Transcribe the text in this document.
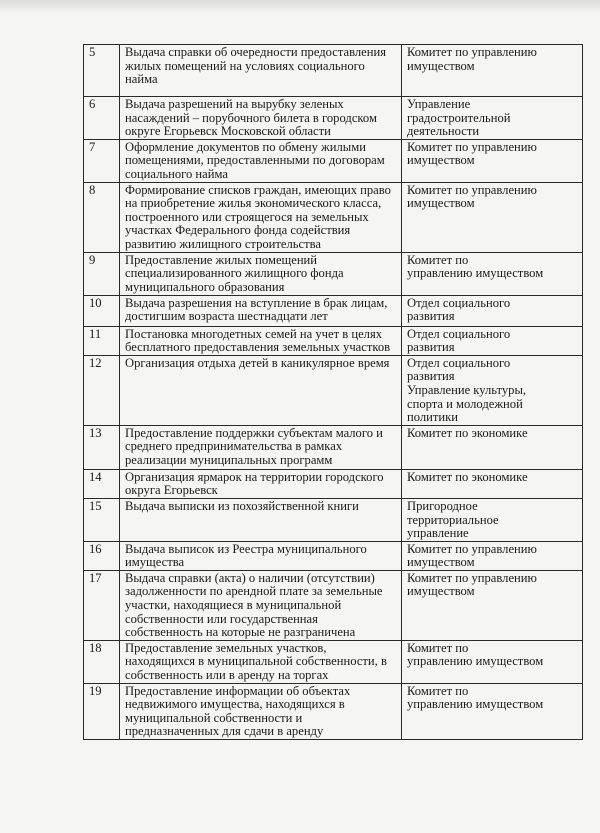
5	Выдача справки об очередности предоставления
жилых помещений на условиях социального
найма	Комитет по управлению
имуществом

6	Выдача разрешений на вырубку зеленых
насаждений – порубочного билета в городском
округе Егорьевск Московской области	Управление
градостроительной
деятельности

7	Оформление документов по обмену жилыми
помещениями, предоставленными по договорам
социального найма	Комитет по управлению
имуществом

8	Формирование списков граждан, имеющих право
на приобретение жилья экономического класса,
построенного или строящегося на земельных
участках Федерального фонда содействия
развитию жилищного строительства	Комитет по управлению
имуществом

9	Предоставление жилых помещений
специализированного жилищного фонда
муниципального образования	Комитет по
управлению имуществом

10	Выдача разрешения на вступление в брак лицам,
достигшим возраста шестнадцати лет	Отдел социального
развития

11	Постановка многодетных семей на учет в целях
бесплатного предоставления земельных участков	Отдел социального
развития

12	Организация отдыха детей в каникулярное время	Отдел социального
развития
Управление культуры,
спорта и молодежной
политики

13	Предоставление поддержки субъектам малого и
среднего предпринимательства в рамках
реализации муниципальных программ	Комитет по экономике

14	Организация ярмарок на территории городского
округа Егорьевск	Комитет по экономике

15	Выдача выписки из похозяйственной книги	Пригородное
территориальное
управление

16	Выдача выписок из Реестра муниципального
имущества	Комитет по управлению
имуществом

17	Выдача справки (акта) о наличии (отсутствии)
задолженности по арендной плате за земельные
участки, находящиеся в муниципальной
собственности или государственная
собственность на которые не разграничена	Комитет по управлению
имуществом

18	Предоставление земельных участков,
находящихся в муниципальной собственности, в
собственность или в аренду на торгах	Комитет по
управлению имуществом

19	Предоставление информации об объектах
недвижимого имущества, находящихся в
муниципальной собственности и
предназначенных для сдачи в аренду	Комитет по
управлению имуществом
